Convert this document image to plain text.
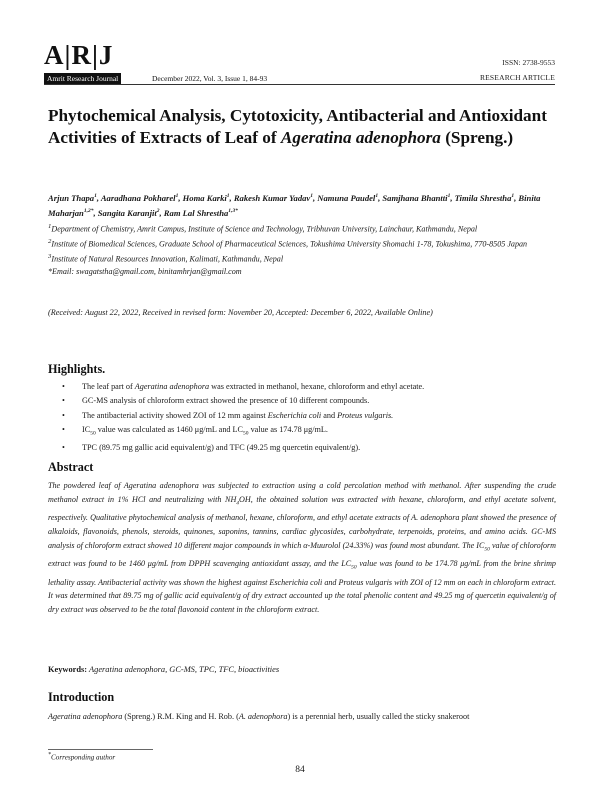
A|R|J
Amrit Research Journal	December 2022, Vol. 3, Issue 1, 84-93
ISSN: 2738-9553
RESEARCH ARTICLE
Phytochemical Analysis, Cytotoxicity, Antibacterial and Antioxidant Activities of Extracts of Leaf of Ageratina adenophora (Spreng.)
Arjun Thapa$^1$, Aaradhana Pokharel$^1$, Homa Karki$^1$, Rakesh Kumar Yadav$^1$, Namuna Paudel$^1$, Samjhana Bhantti$^1$, Timila Shrestha$^1$, Binita Maharjan$^{1,2*}$, Sangita Karanjit$^2$, Ram Lal Shrestha$^{1,3*}$
$^1$Department of Chemistry, Amrit Campus, Institute of Science and Technology, Tribhuvan University, Lainchaur, Kathmandu, Nepal
$^2$Institute of Biomedical Sciences, Graduate School of Pharmaceutical Sciences, Tokushima University Shomachi 1-78, Tokushima, 770-8505 Japan
$^3$Institute of Natural Resources Innovation, Kalimati, Kathmandu, Nepal
*Email: swagatstha@gmail.com, binitamhrjan@gmail.com
(Received: August 22, 2022, Received in revised form: November 20, Accepted: December 6, 2022, Available Online)
Highlights.
• The leaf part of Ageratina adenophora was extracted in methanol, hexane, chloroform and ethyl acetate.
• GC-MS analysis of chloroform extract showed the presence of 10 different compounds.
• The antibacterial activity showed ZOI of 12 mm against Escherichia coli and Proteus vulgaris.
• $IC_{50}$ value was calculated as 1460 μg/mL and $LC_{50}$ value as 174.78 μg/mL.
• TPC (89.75 mg gallic acid equivalent/g) and TFC (49.25 mg quercetin equivalent/g).
Abstract
The powdered leaf of Ageratina adenophora was subjected to extraction using a cold percolation method with methanol. After suspending the crude methanol extract in 1% HCl and neutralizing with $NH_4OH$, the obtained solution was extracted with hexane, chloroform, and ethyl acetate solvent, respectively. Qualitative phytochemical analysis of methanol, hexane, chloroform, and ethyl acetate extracts of A. adenophora plant showed the presence of alkaloids, flavonoids, phenols, steroids, quinones, saponins, tannins, cardiac glycosides, carbohydrate, terpenoids, proteins, and amino acids. GC-MS analysis of chloroform extract showed 10 different major compounds in which α-Muurolol (24.33%) was found most abundant. The $IC_{50}$ value of chloroform extract was found to be 1460 μg/mL from DPPH scavenging antioxidant assay, and the $LC_{50}$ value was found to be 174.78 μg/mL from the brine shrimp lethality assay. Antibacterial activity was shown the highest against Escherichia coli and Proteus vulgaris with ZOI of 12 mm on each in chloroform extract. It was determined that 89.75 mg of gallic acid equivalent/g of dry extract accounted up the total phenolic content and 49.25 mg of quercetin equivalent/g of dry extract was observed to be the total flavonoid content in the chloroform extract.
Keywords: Ageratina adenophora, GC-MS, TPC, TFC, bioactivities
Introduction
Ageratina adenophora (Spreng.) R.M. King and H. Rob. (A. adenophora) is a perennial herb, usually called the sticky snakeroot
*Corresponding author
84
